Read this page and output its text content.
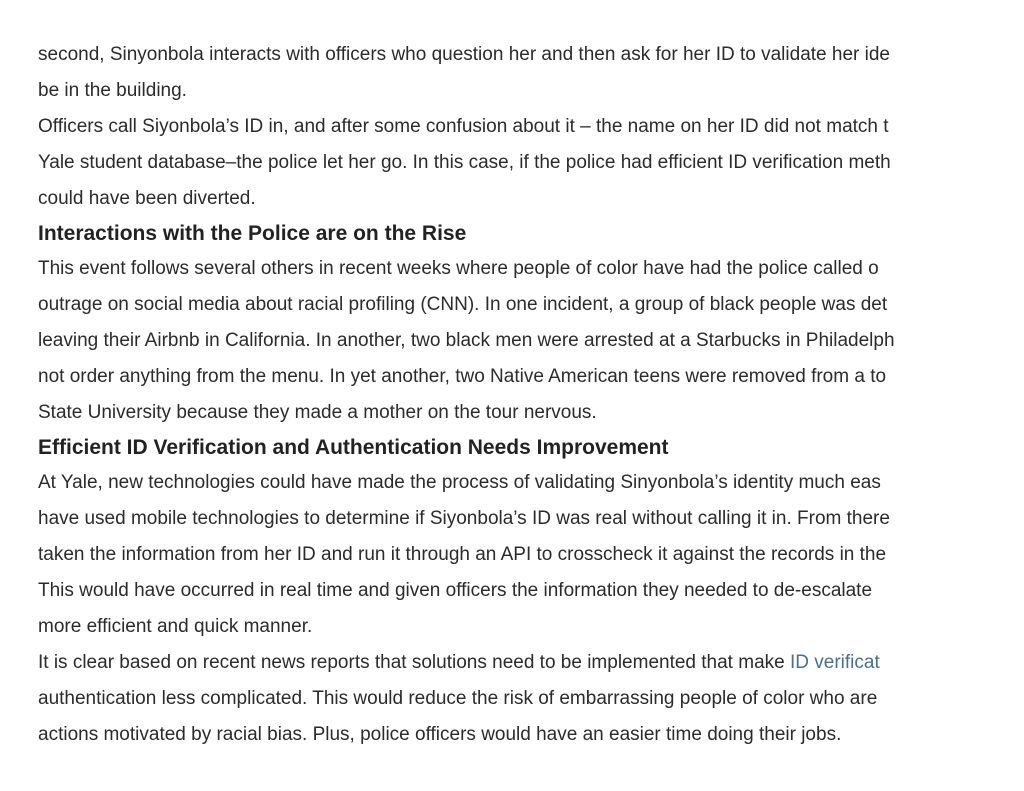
second, Sinyonbola interacts with officers who question her and then ask for her ID to validate her ide
be in the building.

Officers call Siyonbola’s ID in, and after some confusion about it – the name on her ID did not match t
Yale student database–the police let her go. In this case, if the police had efficient ID verification meth
could have been diverted.

Interactions with the Police are on the Rise

This event follows several others in recent weeks where people of color have had the police called o
outrage on social media about racial profiling (CNN). In one incident, a group of black people was det
leaving their Airbnb in California. In another, two black men were arrested at a Starbucks in Philadelph
not order anything from the menu. In yet another, two Native American teens were removed from a to
State University because they made a mother on the tour nervous.

Efficient ID Verification and Authentication Needs Improvement

At Yale, new technologies could have made the process of validating Sinyonbola’s identity much eas
have used mobile technologies to determine if Siyonbola’s ID was real without calling it in. From there
taken the information from her ID and run it through an API to crosscheck it against the records in the
This would have occurred in real time and given officers the information they needed to de-escalate
more efficient and quick manner.

It is clear based on recent news reports that solutions need to be implemented that make ID verificat
authentication less complicated. This would reduce the risk of embarrassing people of color who are
actions motivated by racial bias. Plus, police officers would have an easier time doing their jobs.
